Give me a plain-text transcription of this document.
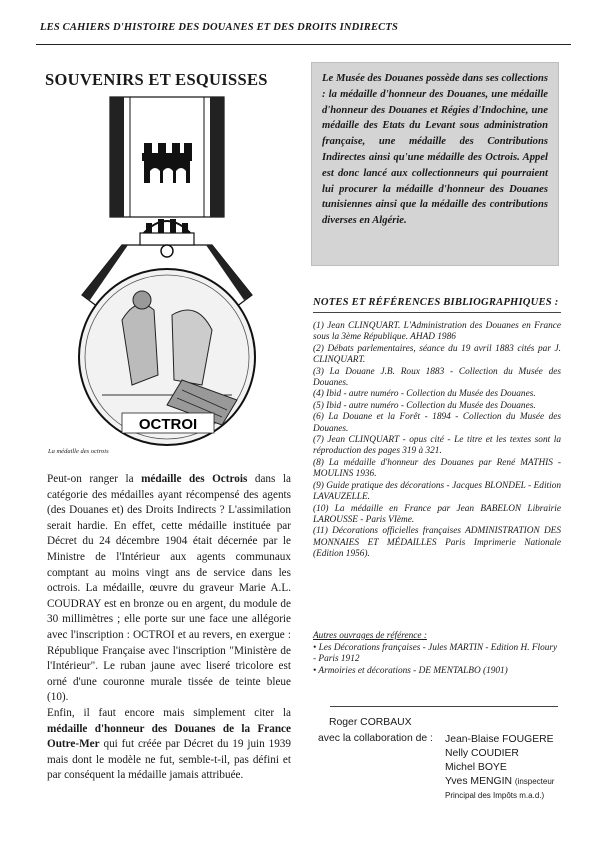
LES CAHIERS D'HISTOIRE DES DOUANES ET DES DROITS INDIRECTS
SOUVENIRS ET ESQUISSES
OCTROI
La médaille des octrois

Peut-on ranger la médaille des Octrois dans la catégorie des médailles ayant récompensé des agents (des Douanes et) des Droits Indirects ? L'assimilation serait hardie. En effet, cette médaille instituée par Décret du 24 décembre 1904 était décernée par le Ministre de l'Intérieur aux agents communaux comptant au moins vingt ans de service dans les octrois. La médaille, œuvre du graveur Marie A.L. COUDRAY est en bronze ou en argent, du module de 30 millimètres ; elle porte sur une face une allégorie avec l'inscription : OCTROI et au revers, en exergue : République Française avec l'inscription "Ministère de l'Intérieur". Le ruban jaune avec liseré tricolore est orné d'une couronne murale tissée de teinte bleue (10).

Enfin, il faut encore mais simplement citer la médaille d'honneur des Douanes de la France Outre-Mer qui fut créée par Décret du 19 juin 1939 mais dont le modèle ne fut, semble-t-il, pas défini et par conséquent la médaille jamais attribuée.

Le Musée des Douanes possède dans ses collections : la médaille d'honneur des Douanes, une médaille d'honneur des Douanes et Régies d'Indochine, une médaille des Etats du Levant sous administration française, une médaille des Contributions Indirectes ainsi qu'une médaille des Octrois. Appel est donc lancé aux collectionneurs qui pourraient lui procurer la médaille d'honneur des Douanes tunisiennes ainsi que la médaille des contributions diverses en Algérie.
NOTES ET RÉFÉRENCES BIBLIOGRAPHIQUES :
(1) Jean CLINQUART. L'Administration des Douanes en France sous la 3ème République. AHAD 1986
(2) Débats parlementaires, séance du 19 avril 1883 cités par J. CLINQUART.
(3) La Douane J.B. Roux 1883 - Collection du Musée des Douanes.
(4) Ibid - autre numéro - Collection du Musée des Douanes.
(5) Ibid - autre numéro - Collection du Musée des Douanes.
(6) La Douane et la Forêt - 1894 - Collection du Musée des Douanes.
(7) Jean CLINQUART - opus cité - Le titre et les textes sont la réproduction des pages 319 à 321.
(8) La médaille d'honneur des Douanes par René MATHIS - MOULINS 1936.
(9) Guide pratique des décorations - Jacques BLONDEL - Edition LAVAUZELLE.
(10) La médaille en France par Jean BABELON Librairie LAROUSSE - Paris VIème.
(11) Décorations officielles françaises ADMINISTRATION DES MONNAIES ET MÉDAILLES Paris Imprimerie Nationale (Edition 1956).
Autres ouvrages de référence :
• Les Décorations françaises - Jules MARTIN - Edition H. Floury - Paris 1912
• Armoiries et décorations - DE MENTALBO (1901)
Roger CORBAUX
avec la collaboration de : Jean-Blaise FOUGERE
Nelly COUDIER
Michel BOYE
Yves MENGIN (inspecteur
Principal des Impôts m.a.d.)
